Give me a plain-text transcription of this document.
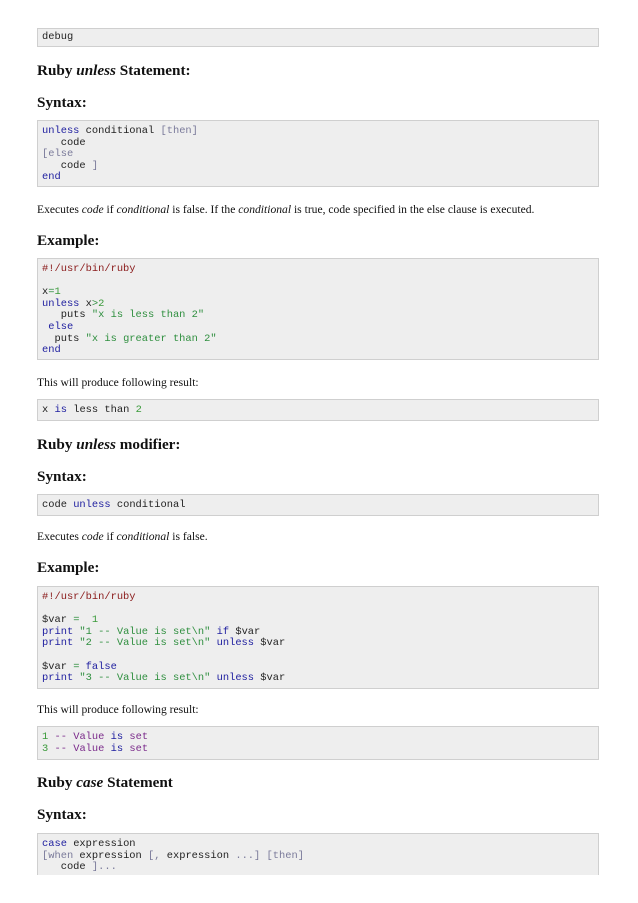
debug
Ruby unless Statement:
Syntax:
unless conditional [then]
code
[else
code ]
end

Executes code if conditional is false. If the conditional is true, code specified in the else clause is executed.

Example:
#!/usr/bin/ruby
x=1
unless x>2
puts "x is less than 2"
else
puts "x is greater than 2"
end

This will produce following result:

x is less than 2
Ruby unless modifier:
Syntax:
code unless conditional

Executes code if conditional is false.

Example:
#!/usr/bin/ruby
$var =  1
print "1 -- Value is set\n" if $var
print "2 -- Value is set\n" unless $var
$var = false
print "3 -- Value is set\n" unless $var

This will produce following result:

1 -- Value is set
3 -- Value is set
Ruby case Statement
Syntax:
case expression
[when expression [, expression ...] [then]
code ]...
